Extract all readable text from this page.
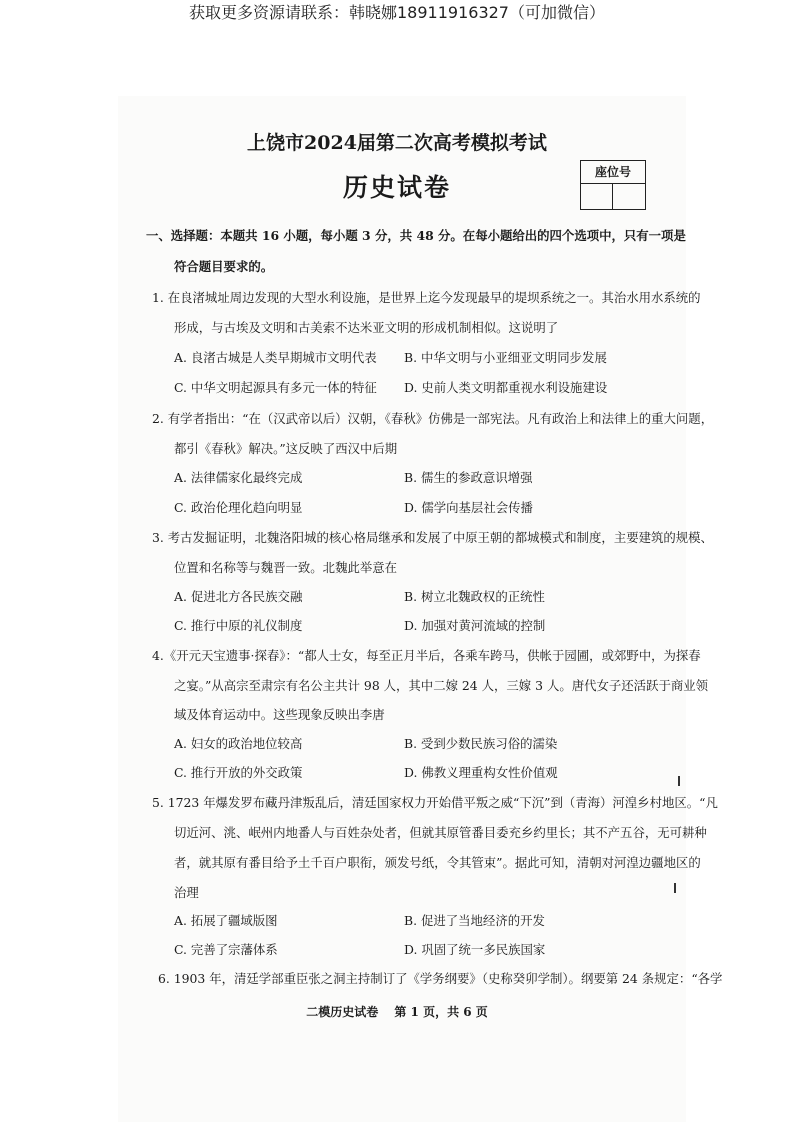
获取更多资源请联系：韩晓娜18911916327（可加微信）
上饶市2024届第二次高考模拟考试
历史试卷
座位号
一、选择题：本题共 16 小题，每小题 3 分，共 48 分。在每小题给出的四个选项中，只有一项是
符合题目要求的。
1. 在良渚城址周边发现的大型水利设施，是世界上迄今发现最早的堤坝系统之一。其治水用水系统的
形成，与古埃及文明和古美索不达米亚文明的形成机制相似。这说明了
A. 良渚古城是人类早期城市文明代表 B. 中华文明与小亚细亚文明同步发展
C. 中华文明起源具有多元一体的特征 D. 史前人类文明都重视水利设施建设
2. 有学者指出：“在（汉武帝以后）汉朝，《春秋》仿佛是一部宪法。凡有政治上和法律上的重大问题，
都引《春秋》解决。”这反映了西汉中后期
A. 法律儒家化最终完成	B. 儒生的参政意识增强
C. 政治伦理化趋向明显	D. 儒学向基层社会传播
3. 考古发掘证明，北魏洛阳城的核心格局继承和发展了中原王朝的都城模式和制度，主要建筑的规模、
位置和名称等与魏晋一致。北魏此举意在
A. 促进北方各民族交融	B. 树立北魏政权的正统性
C. 推行中原的礼仪制度	D. 加强对黄河流域的控制
4.《开元天宝遗事·探春》：“都人士女，每至正月半后，各乘车跨马，供帐于园圃，或郊野中，为探春
之宴。”从高宗至肃宗有名公主共计 98 人，其中二嫁 24 人，三嫁 3 人。唐代女子还活跃于商业领
域及体育运动中。这些现象反映出李唐
A. 妇女的政治地位较高	B. 受到少数民族习俗的濡染
C. 推行开放的外交政策	D. 佛教义理重构女性价值观
5. 1723 年爆发罗布藏丹津叛乱后，清廷国家权力开始借平叛之威“下沉”到（青海）河湟乡村地区。“凡
切近河、洮、岷州内地番人与百姓杂处者，但就其原管番目委充乡约里长；其不产五谷，无可耕种
者，就其原有番目给予土千百户职衔，颁发号纸，令其管束”。据此可知，清朝对河湟边疆地区的
治理
A. 拓展了疆域版图	B. 促进了当地经济的开发
C. 完善了宗藩体系	D. 巩固了统一多民族国家
6. 1903 年，清廷学部重臣张之洞主持制订了《学务纲要》（史称癸卯学制）。纲要第 24 条规定：“各学
二模历史试卷　 第 1 页，共 6 页
